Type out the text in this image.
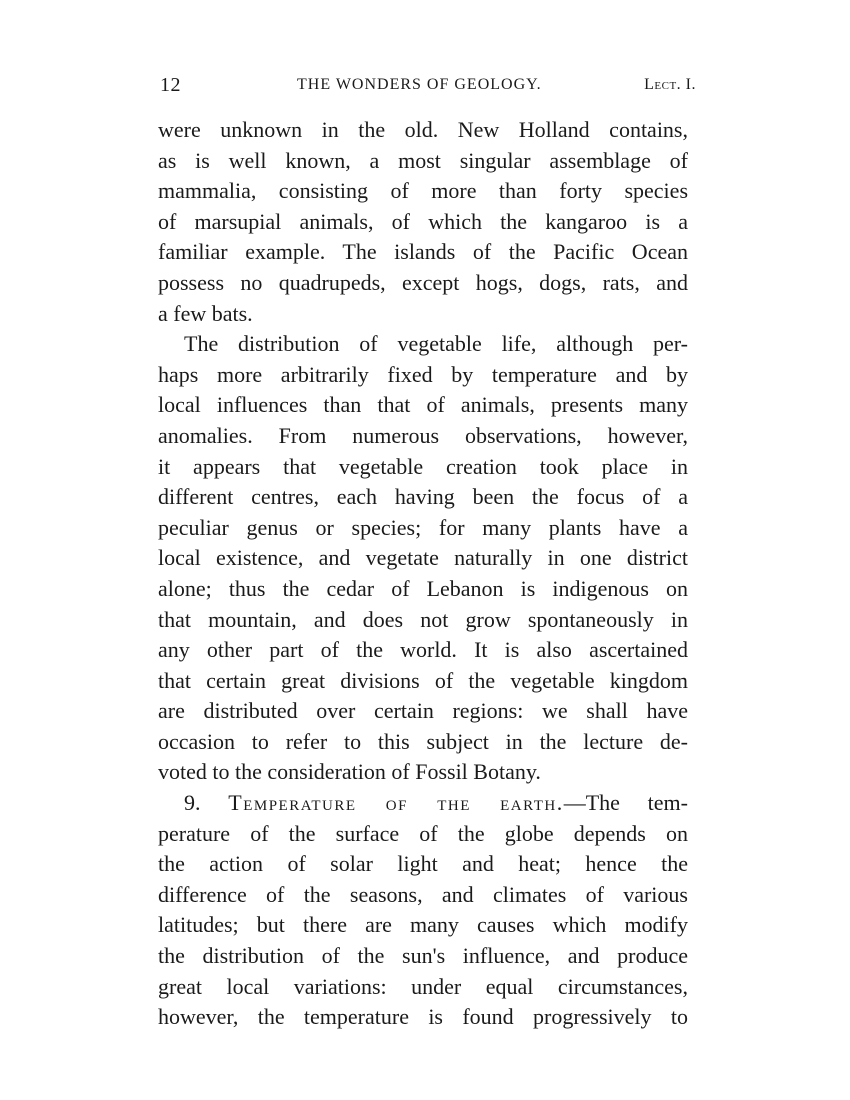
12	THE WONDERS OF GEOLOGY.	Lect. I.
were unknown in the old. New Holland contains,
as is well known, a most singular assemblage of
mammalia, consisting of more than forty species
of marsupial animals, of which the kangaroo is a
familiar example. The islands of the Pacific Ocean
possess no quadrupeds, except hogs, dogs, rats, and
a few bats.
The distribution of vegetable life, although per-
haps more arbitrarily fixed by temperature and by
local influences than that of animals, presents many
anomalies. From numerous observations, however,
it appears that vegetable creation took place in
different centres, each having been the focus of a
peculiar genus or species; for many plants have a
local existence, and vegetate naturally in one district
alone; thus the cedar of Lebanon is indigenous on
that mountain, and does not grow spontaneously in
any other part of the world. It is also ascertained
that certain great divisions of the vegetable kingdom
are distributed over certain regions: we shall have
occasion to refer to this subject in the lecture de-
voted to the consideration of Fossil Botany.
9. Temperature of the earth.—The tem-
perature of the surface of the globe depends on
the action of solar light and heat; hence the
difference of the seasons, and climates of various
latitudes; but there are many causes which modify
the distribution of the sun's influence, and produce
great local variations: under equal circumstances,
however, the temperature is found progressively to
